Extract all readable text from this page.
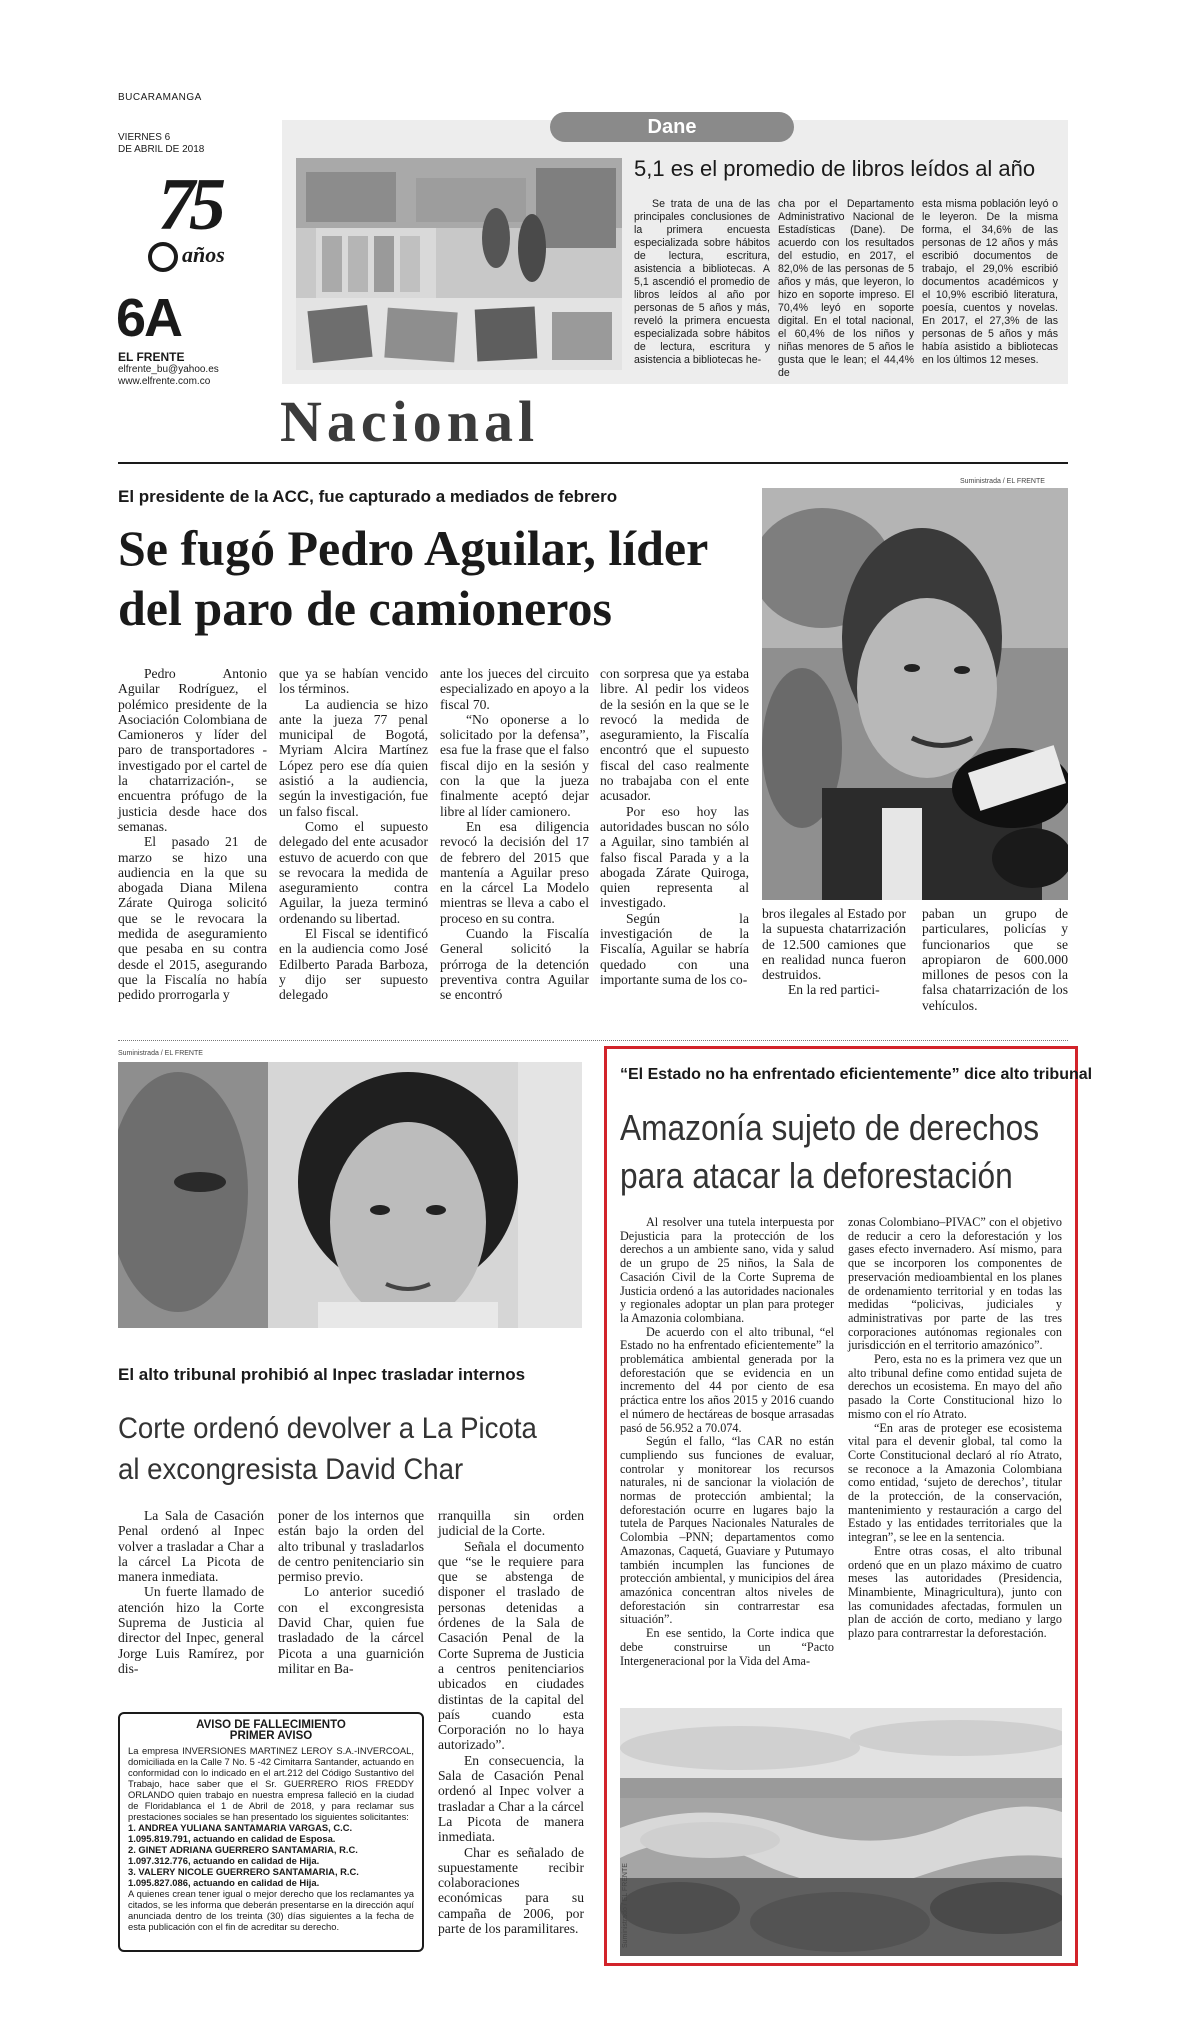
BUCARAMANGA
VIERNES 6
DE ABRIL DE 2018
75
años
6A
EL FRENTE
elfrente_bu@yahoo.es
www.elfrente.com.co
Dane
5,1 es el promedio de libros leídos al año

Se trata de una de las principales conclusiones de la primera encuesta especializada sobre hábitos de lectura, escritura, asistencia a bibliotecas. A 5,1 ascendió el promedio de libros leídos al año por personas de 5 años y más, reveló la primera encuesta especializada sobre hábitos de lectura, escritura y asistencia a bibliotecas he-

cha por el Departamento Administrativo Nacional de Estadísticas (Dane). De acuerdo con los resultados del estudio, en 2017, el 82,0% de las personas de 5 años y más, que leyeron, lo hizo en soporte impreso. El 70,4% leyó en soporte digital. En el total nacional, el 60,4% de los niños y niñas menores de 5 años le gusta que le lean; el 44,4% de

esta misma población leyó o le leyeron. De la misma forma, el 34,6% de las personas de 12 años y más escribió documentos de trabajo, el 29,0% escribió documentos académicos y el 10,9% escribió literatura, poesía, cuentos y novelas. En 2017, el 27,3% de las personas de 5 años y más había asistido a bibliotecas en los últimos 12 meses.

Nacional
El presidente de la ACC, fue capturado a mediados de febrero
Se fugó Pedro Aguilar, líder
del paro de camioneros
Suministrada / EL FRENTE

Pedro Antonio Aguilar Rodríguez, el polémico presidente de la Asociación Colombiana de Camioneros y líder del paro de transportadores -investigado por el cartel de la chatarrización-, se encuentra prófugo de la justicia desde hace dos semanas.

El pasado 21 de marzo se hizo una audiencia en la que su abogada Diana Milena Zárate Quiroga solicitó que se le revocara la medida de aseguramiento que pesaba en su contra desde el 2015, asegurando que la Fiscalía no había pedido prorrogarla y

que ya se habían vencido los términos.

La audiencia se hizo ante la jueza 77 penal municipal de Bogotá, Myriam Alcira Martínez López pero ese día quien asistió a la audiencia, según la investigación, fue un falso fiscal.

Como el supuesto delegado del ente acusador estuvo de acuerdo con que se revocara la medida de aseguramiento contra Aguilar, la jueza terminó ordenando su libertad.

El Fiscal se identificó en la audiencia como José Edilberto Parada Barboza, y dijo ser supuesto delegado

ante los jueces del circuito especializado en apoyo a la fiscal 70.

“No oponerse a lo solicitado por la defensa”, esa fue la frase que el falso fiscal dijo en la sesión y con la que la jueza finalmente aceptó dejar libre al líder camionero.

En esa diligencia revocó la decisión del 17 de febrero del 2015 que mantenía a Aguilar preso en la cárcel La Modelo mientras se lleva a cabo el proceso en su contra.

Cuando la Fiscalía General solicitó la prórroga de la detención preventiva contra Aguilar se encontró

con sorpresa que ya estaba libre. Al pedir los videos de la sesión en la que se le revocó la medida de aseguramiento, la Fiscalía encontró que el supuesto fiscal del caso realmente no trabajaba con el ente acusador.

Por eso hoy las autoridades buscan no sólo a Aguilar, sino también al falso fiscal Parada y a la abogada Zárate Quiroga, quien representa al investigado.

Según la investigación de la Fiscalía, Aguilar se habría quedado con una importante suma de los co-

bros ilegales al Estado por la supuesta chatarrización de 12.500 camiones que en realidad nunca fueron destruidos.

En la red partici-

paban un grupo de particulares, policías y funcionarios que se apropiaron de 600.000 millones de pesos con la falsa chatarrización de los vehículos.

Suministrada / EL FRENTE
El alto tribunal prohibió al Inpec trasladar internos
Corte ordenó devolver a La Picota
al excongresista David Char

La Sala de Casación Penal ordenó al Inpec volver a trasladar a Char a la cárcel La Picota de manera inmediata.

Un fuerte llamado de atención hizo la Corte Suprema de Justicia al director del Inpec, general Jorge Luis Ramírez, por dis-

poner de los internos que están bajo la orden del alto tribunal y trasladarlos de centro penitenciario sin permiso previo.

Lo anterior sucedió con el excongresista David Char, quien fue trasladado de la cárcel Picota a una guarnición militar en Ba-

rranquilla sin orden judicial de la Corte.

Señala el documento que “se le requiere para que se abstenga de disponer el traslado de personas detenidas a órdenes de la Sala de Casación Penal de la Corte Suprema de Justicia a centros penitenciarios ubicados en ciudades distintas de la capital del país cuando esta Corporación no lo haya autorizado”.

En consecuencia, la Sala de Casación Penal ordenó al Inpec volver a trasladar a Char a la cárcel La Picota de manera inmediata.

Char es señalado de supuestamente recibir colaboraciones económicas para su campaña de 2006, por parte de los paramilitares.

AVISO DE FALLECIMIENTO
PRIMER AVISO
La empresa INVERSIONES MARTINEZ LEROY S.A.-INVERCOAL, domiciliada en la Calle 7 No. 5 -42 Cimitarra Santander, actuando en conformidad con lo indicado en el art.212 del Código Sustantivo del Trabajo, hace saber que el Sr. GUERRERO RIOS FREDDY ORLANDO quien trabajo en nuestra empresa falleció en la ciudad de Floridablanca el 1 de Abril de 2018, y para reclamar sus prestaciones sociales se han presentado los siguientes solicitantes:
1. ANDREA YULIANA SANTAMARIA VARGAS, C.C. 1.095.819.791, actuando en calidad de Esposa.
2. GINET ADRIANA GUERRERO SANTAMARIA, R.C. 1.097.312.776, actuando en calidad de Hija.
3. VALERY NICOLE GUERRERO SANTAMARIA, R.C. 1.095.827.086, actuando en calidad de Hija.
A quienes crean tener igual o mejor derecho que los reclamantes ya citados, se les informa que deberán presentarse en la dirección aquí anunciada dentro de los treinta (30) días siguientes a la fecha de esta publicación con el fin de acreditar su derecho.
“El Estado no ha enfrentado eficientemente” dice alto tribunal
Amazonía sujeto de derechos
para atacar la deforestación

Al resolver una tutela interpuesta por Dejusticia para la protección de los derechos a un ambiente sano, vida y salud de un grupo de 25 niños, la Sala de Casación Civil de la Corte Suprema de Justicia ordenó a las autoridades nacionales y regionales adoptar un plan para proteger la Amazonia colombiana.

De acuerdo con el alto tribunal, “el Estado no ha enfrentado eficientemente” la problemática ambiental generada por la deforestación que se evidencia en un incremento del 44 por ciento de esa práctica entre los años 2015 y 2016 cuando el número de hectáreas de bosque arrasadas pasó de 56.952 a 70.074.

Según el fallo, “las CAR no están cumpliendo sus funciones de evaluar, controlar y monitorear los recursos naturales, ni de sancionar la violación de normas de protección ambiental; la deforestación ocurre en lugares bajo la tutela de Parques Nacionales Naturales de Colombia –PNN; departamentos como Amazonas, Caquetá, Guaviare y Putumayo también incumplen las funciones de protección ambiental, y municipios del área amazónica concentran altos niveles de deforestación sin contrarrestar esa situación”.

En ese sentido, la Corte indica que debe construirse un “Pacto Intergeneracional por la Vida del Ama-

zonas Colombiano–PIVAC” con el objetivo de reducir a cero la deforestación y los gases efecto invernadero. Así mismo, para que se incorporen los componentes de preservación medioambiental en los planes de ordenamiento territorial y en todas las medidas “policivas, judiciales y administrativas por parte de las tres corporaciones autónomas regionales con jurisdicción en el territorio amazónico”.

Pero, esta no es la primera vez que un alto tribunal define como entidad sujeta de derechos un ecosistema. En mayo del año pasado la Corte Constitucional hizo lo mismo con el río Atrato.

“En aras de proteger ese ecosistema vital para el devenir global, tal como la Corte Constitucional declaró al río Atrato, se reconoce a la Amazonia Colombiana como entidad, ‘sujeto de derechos’, titular de la protección, de la conservación, mantenimiento y restauración a cargo del Estado y las entidades territoriales que la integran”, se lee en la sentencia.

Entre otras cosas, el alto tribunal ordenó que en un plazo máximo de cuatro meses las autoridades (Presidencia, Minambiente, Minagricultura), junto con las comunidades afectadas, formulen un plan de acción de corto, mediano y largo plazo para contrarrestar la deforestación.

Suministrado / EL FRENTE
